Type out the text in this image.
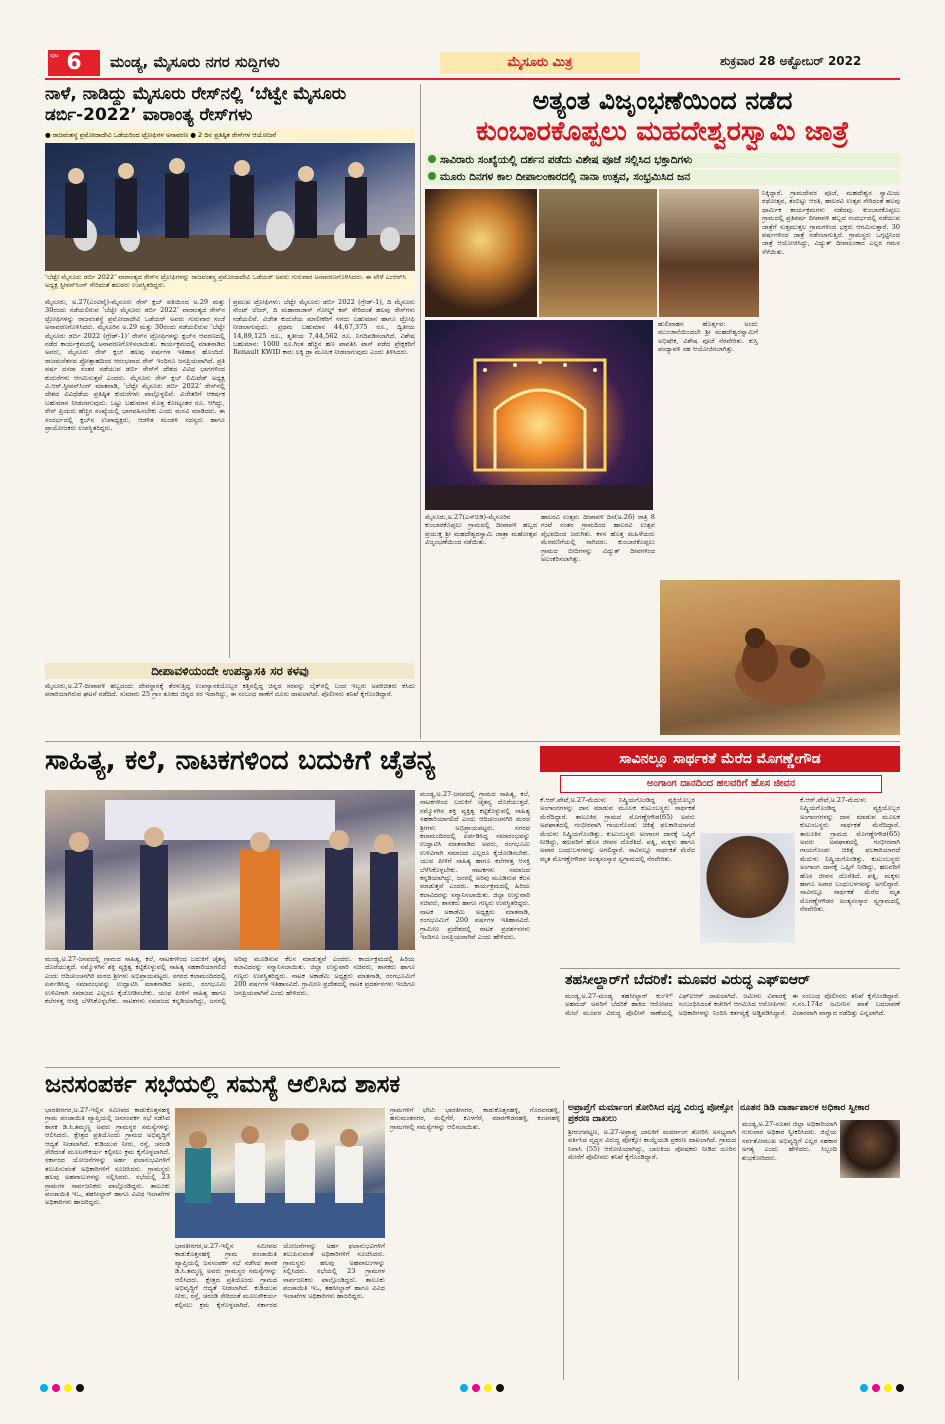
6
ಪುಟ	ಮಂಡ್ಯ, ಮೈಸೂರು ನಗರ ಸುದ್ದಿಗಳು	ಮೈಸೂರು ಮಿತ್ರ	ಶುಕ್ರವಾರ 28 ಅಕ್ಟೋಬರ್ 2022
ನಾಳೆ, ನಾಡಿದ್ದು ಮೈಸೂರು ರೇಸ್‌ನಲ್ಲಿ ‘ಬೆಟ್ವೇ ಮೈಸೂರು ಡರ್ಬಿ-2022’ ವಾರಾಂತ್ಯ ರೇಸ್‌ಗಳು
● ರಾಜವಂಶಸ್ಥ ಪ್ರಮೋದಾದೇವಿ ಒಡೆಯರಿಂದ ಟ್ರೋಫಿಗಳ ಅನಾವರಣ ● 2 ದಿನ ಪ್ರತಿಷ್ಠಿತ ರೇಸ್‌ಗಳ ಆಯೋಜನೆ
‘ಬೆಟ್ವೇ ಮೈಸೂರು ಡರ್ಬಿ 2022’ ವಾರಾಂತ್ಯದ ರೇಸ್‌ನ ಟ್ರೋಫಿಗಳನ್ನು ರಾಜವಂಶಸ್ಥ ಪ್ರಮೋದಾದೇವಿ ಒಡೆಯರ್ ಅವರು ಗುರುವಾರ ಅನಾವರಣಗೊಳಿಸಿದರು. ಈ ವೇಳೆ ಎಂಆರ್‌ಸಿ ಅಧ್ಯಕ್ಷ ಸ್ಟೀವನ್‌ಸಿಂಗ್ ಸೇರಿದಂತೆ ಹಲವರು ಉಪಸ್ಥಿತರಿದ್ದರು.
ಮೈಸೂರು, ಅ.27(ಎಂಟಿವೈ)-ಮೈಸೂರು ರೇಸ್ ಕ್ಲಬ್ ವತಿಯಿಂದ ಅ.29 ಮತ್ತು 30ರಂದು ನಡೆಯಲಿರುವ ‘ಬೆಟ್ವೇ ಮೈಸೂರು ಡರ್ಬಿ 2022’ ವಾರಾಂತ್ಯದ ರೇಸ್‌ನ ಟ್ರೋಫಿಗಳನ್ನು ರಾಜವಂಶಸ್ಥೆ ಪ್ರಮೋದಾದೇವಿ ಒಡೆಯರ್ ಅವರು ಗುರುವಾರ ಸಂಜೆ ಅನಾವರಣಗೊಳಿಸಿದರು. ಮೈಸೂರಿನ ಅ.29 ಮತ್ತು 30ರಂದು ನಡೆಯಲಿರುವ ‘ಬೆಟ್ವೇ ಮೈಸೂರು ಡರ್ಬಿ 2022 (ಗ್ರೇಡ್-1)’ ರೇಸ್‌ನ ಟ್ರೋಫಿಗಳನ್ನು ಕ್ಲಬ್‌ನ ಆವರಣದಲ್ಲಿ ನಡೆದ ಕಾರ್ಯಕ್ರಮದಲ್ಲಿ ಅನಾವರಣಗೊಳಿಸಲಾಯಿತು. ಕಾರ್ಯಕ್ರಮದಲ್ಲಿ ಮಾತನಾಡಿದ ಅವರು, ಮೈಸೂರು ರೇಸ್ ಕ್ಲಬ್ ಹಲವು ವರ್ಷಗಳ ಇತಿಹಾಸ ಹೊಂದಿದೆ. ರಾಜಮನೆತನದ ಪ್ರೋತ್ಸಾಹದಿಂದ ಆರಂಭವಾದ ರೇಸ್ ಇಂದಿಗೂ ಜನಪ್ರಿಯವಾಗಿದೆ. ಪ್ರತಿ ವರ್ಷ ದಸರಾ ನಂತರ ನಡೆಯುವ ಡರ್ಬಿ ರೇಸ್‌ಗೆ ದೇಶದ ವಿವಿಧ ಭಾಗಗಳಿಂದ ಕುದುರೆಗಳು ಆಗಮಿಸುತ್ತವೆ ಎಂದರು. ಮೈಸೂರು ರೇಸ್ ಕ್ಲಬ್ ಲಿಮಿಟೆಡ್ ಅಧ್ಯಕ್ಷ ವಿ.ಆರ್.ಸ್ಟೀವನ್‌ಸಿಂಗ್ ಮಾತನಾಡಿ, ‘ಬೆಟ್ವೇ ಮೈಸೂರು ಡರ್ಬಿ 2022’ ರೇಸ್‌ನಲ್ಲಿ ದೇಶದ ವಿವಿಧೆಡೆಯ ಪ್ರತಿಷ್ಠಿತ ಕುದುರೆಗಳು ಪಾಲ್ಗೊಳ್ಳಲಿವೆ. ವಿಜೇತರಿಗೆ ಆಕರ್ಷಕ ಬಹುಮಾನ ನೀಡಲಾಗುವುದು. ಒಟ್ಟು ಬಹುಮಾನ ಮೊತ್ತ ಕೋಟ್ಯಂತರ ರೂ. ಆಗಿದ್ದು, ರೇಸ್ ಪ್ರಿಯರು ಹೆಚ್ಚಿನ ಸಂಖ್ಯೆಯಲ್ಲಿ ಭಾಗವಹಿಸಬೇಕು ಎಂದು ಮನವಿ ಮಾಡಿದರು. ಈ ಸಂದರ್ಭದಲ್ಲಿ ಕ್ಲಬ್‌ನ ಉಪಾಧ್ಯಕ್ಷರು, ಆಡಳಿತ ಮಂಡಳಿ ಸದಸ್ಯರು ಹಾಗೂ ಪ್ರಾಯೋಜಕರು ಉಪಸ್ಥಿತರಿದ್ದರು.
ಪ್ರಮುಖ ಟ್ರೋಫಿಗಳು: ಬೆಟ್ವೇ ಮೈಸೂರು ಡರ್ಬಿ 2022 (ಗ್ರೇಡ್-1), ದಿ ಮೈಸೂರು ಸೇಂಟ್ ಲೆಜರ್, ದಿ ಮಹಾರಾಜಾಸ್ ಗೋಲ್ಡ್ ಕಪ್ ಸೇರಿದಂತೆ ಹಲವು ರೇಸ್‌ಗಳು ನಡೆಯಲಿವೆ. ವಿಜೇತ ಕುದುರೆಯ ಮಾಲೀಕರಿಗೆ ನಗದು ಬಹುಮಾನ ಹಾಗೂ ಟ್ರೋಫಿ ನೀಡಲಾಗುವುದು. ಪ್ರಥಮ ಬಹುಮಾನ 44,67,375 ರೂ., ದ್ವಿತೀಯ 14,89,125 ರೂ., ತೃತೀಯ 7,44,562 ರೂ. ನಿಗದಿಪಡಿಸಲಾಗಿದೆ. ವಿಶೇಷ ಬಹುಮಾನ: 1000 ರೂ.ಗಿಂತ ಹೆಚ್ಚಿನ ಹಣ ಪಾವತಿಸಿ ಪಾಸ್ ಪಡೆದ ಪ್ರೇಕ್ಷಕರಿಗೆ Renault KWID ಕಾರು ಲಕ್ಕಿ ಡ್ರಾ ಮೂಲಕ ನೀಡಲಾಗುವುದು ಎಂದು ತಿಳಿಸಿದರು.
ದೀಪಾವಳಿಯಂದೇ ಉಪನ್ಯಾಸಕಿ ಸರ ಕಳವು
ಮೈಸೂರು,ಅ.27-ದೀಪಾವಳಿ ಹಬ್ಬದಂದು ದೇವಸ್ಥಾನಕ್ಕೆ ತೆರಳುತ್ತಿದ್ದ ಉಪನ್ಯಾಸಕಿಯೊಬ್ಬರ ಕತ್ತಿನಲ್ಲಿದ್ದ ಚಿನ್ನದ ಸರವನ್ನು ಬೈಕ್‌ನಲ್ಲಿ ಬಂದ ಇಬ್ಬರು ಅಪರಿಚಿತರು ಕಸಿದು ಪರಾರಿಯಾಗಿರುವ ಘಟನೆ ನಡೆದಿದೆ. ಸುಮಾರು 25 ಗ್ರಾಂ ತೂಕದ ಚಿನ್ನದ ಸರ ಇದಾಗಿದ್ದು, ಈ ಸಂಬಂಧ ಠಾಣೆಗೆ ದೂರು ದಾಖಲಾಗಿದೆ. ಪೊಲೀಸರು ತನಿಖೆ ಕೈಗೊಂಡಿದ್ದಾರೆ.
ಅತ್ಯಂತ ವಿಜೃಂಭಣೆಯಿಂದ ನಡೆದ
ಕುಂಬಾರಕೊಪ್ಪಲು ಮಹದೇಶ್ವರಸ್ವಾಮಿ ಜಾತ್ರೆ
ಸಾವಿರಾರು ಸಂಖ್ಯೆಯಲ್ಲಿ ದರ್ಶನ ಪಡೆದು ವಿಶೇಷ ಪೂಜೆ ಸಲ್ಲಿಸಿದ ಭಕ್ತಾದಿಗಳು
ಮೂರು ದಿನಗಳ ಕಾಲ ದೀಪಾಲಂಕಾರದಲ್ಲಿ ನಾನಾ ಉತ್ಸವ, ಸಂಭ್ರಮಿಸಿದ ಜನ
ನಿಕ್ಕಿದ್ದಾರೆ. ಗ್ರಾಮದೇವರ ಪೂಜೆ, ಮಹದೇಶ್ವರ ಸ್ವಾಮಿಯ ರಥೋತ್ಸವ, ತಂಬಿಟ್ಟು ಆರತಿ, ಹಾಲರವಿ ಉತ್ಸವ ಸೇರಿದಂತೆ ಹಲವು ಧಾರ್ಮಿಕ ಕಾರ್ಯಕ್ರಮಗಳು ನಡೆದವು. ಕುಂಬಾರಕೊಪ್ಪಲು ಗ್ರಾಮದಲ್ಲಿ ಪ್ರತಿವರ್ಷ ದೀಪಾವಳಿ ಹಬ್ಬದ ಸಂದರ್ಭದಲ್ಲಿ ನಡೆಯುವ ಜಾತ್ರೆಗೆ ಸುತ್ತಮುತ್ತಲ ಗ್ರಾಮಗಳಿಂದ ಭಕ್ತರು ಆಗಮಿಸುತ್ತಾರೆ. 30 ವರ್ಷಗಳಿಂದ ಜಾತ್ರೆ ನಡೆಸಲಾಗುತ್ತಿದೆ. ಗ್ರಾಮಸ್ಥರು ಒಗ್ಗಟ್ಟಿನಿಂದ ಜಾತ್ರೆ ಆಯೋಜಿಸಿದ್ದು, ವಿದ್ಯುತ್ ದೀಪಾಲಂಕಾರ ಎಲ್ಲರ ಗಮನ ಸೆಳೆಯಿತು.
ಮೈಸೂರು,ಅ.27(ಎಸ್‌ಬಿಡಿ)-ಮೈಸೂರಿನ ಕುಂಬಾರಕೊಪ್ಪಲು ಗ್ರಾಮದಲ್ಲಿ ದೀಪಾವಳಿ ಹಬ್ಬದ ಪ್ರಯುಕ್ತ ಶ್ರೀ ಮಹದೇಶ್ವರಸ್ವಾಮಿ ಜಾತ್ರಾ ಮಹೋತ್ಸವ ವಿಜೃಂಭಣೆಯಿಂದ ನಡೆಯಿತು.
ಹಾಲರವಿ ಉತ್ಸವ: ದೀಪಾವಳಿ ದಿನ(ಅ.26) ರಾತ್ರಿ 8 ಗಂಟೆ ನಂತರ ಗ್ರಾಮದಿಂದ ಹಾಲರವಿ ಉತ್ಸವ ವೈಭವದಿಂದ ಜರುಗಿತು. ಕಳಸ ಹೊತ್ತ ಮಹಿಳೆಯರು ಮೆರವಣಿಗೆಯಲ್ಲಿ ಸಾಗಿದರು. ಕುಂಬಾರಕೊಪ್ಪಲು ಗ್ರಾಮದ ಬೀದಿಗಳನ್ನು ವಿದ್ಯುತ್ ದೀಪಗಳಿಂದ ಅಲಂಕರಿಸಲಾಗಿತ್ತು.
ಹುಲಿವಾಹನ ಹೊರ್ತ್ಸವ: ಅಂದು ಮುಂಜಾನೆಯಿಂದಲೇ ಶ್ರೀ ಮಹದೇಶ್ವರಸ್ವಾಮಿಗೆ ಅಭಿಷೇಕ, ವಿಶೇಷ ಪೂಜೆ ನೆರವೇರಿತು. ಕುಸ್ತಿ ಪಂದ್ಯಾವಳಿ ಸಹ ಆಯೋಜಿಸಲಾಗಿತ್ತು.
ಸಾಹಿತ್ಯ, ಕಲೆ, ನಾಟಕಗಳಿಂದ ಬದುಕಿಗೆ ಚೈತನ್ಯ
ಮಂಡ್ಯ,ಅ.27-ಜನಪದಲ್ಲಿ ಗ್ರಾಮದ ಸಾಹಿತ್ಯ, ಕಲೆ, ನಾಟಕಗಳಿಂದ ಬದುಕಿಗೆ ಚೈತನ್ಯ ದೊರೆಯುತ್ತದೆ. ನಮ್ಮೊಳಗಿನ ಶಕ್ತಿ ವ್ಯಕ್ತಿತ್ವ ಕಟ್ಟಿಕೊಳ್ಳುವಲ್ಲಿ ಸಾಹಿತ್ಯ ಸಹಕಾರಿಯಾಗಲಿದೆ ಎಂದು ಆದಿಚುಂಚನಗಿರಿ ಮಠದ ಶ್ರೀಗಳು ಅಭಿಪ್ರಾಯಪಟ್ಟರು. ನಗರದ ಕಲಾಮಂದಿರದಲ್ಲಿ ಏರ್ಪಡಿಸಿದ್ದ ಸಮಾರಂಭವನ್ನು ಉದ್ಘಾಟಿಸಿ ಮಾತನಾಡಿದ ಅವರು, ರಂಗಭೂಮಿ ಉಳಿವಿಗಾಗಿ ಸಮಾಜದ ಎಲ್ಲರೂ ಕೈಜೋಡಿಸಬೇಕು. ಯುವ ಪೀಳಿಗೆ ಸಾಹಿತ್ಯ ಹಾಗೂ ಕಲೆಗಳತ್ತ ಆಸಕ್ತಿ ಬೆಳೆಸಿಕೊಳ್ಳಬೇಕು. ನಾಟಕಗಳು ಸಮಾಜದ ಕನ್ನಡಿಯಾಗಿದ್ದು, ಜನರಲ್ಲಿ ಅರಿವು ಮೂಡಿಸುವ ಕೆಲಸ ಮಾಡುತ್ತವೆ ಎಂದರು. ಕಾರ್ಯಕ್ರಮದಲ್ಲಿ ಹಿರಿಯ ಕಲಾವಿದರನ್ನು ಸನ್ಮಾನಿಸಲಾಯಿತು. ಜಿಲ್ಲಾ ಉಸ್ತುವಾರಿ ಸಚಿವರು, ಶಾಸಕರು ಹಾಗೂ ಗಣ್ಯರು ಉಪಸ್ಥಿತರಿದ್ದರು. ನಾಟಕ ಅಕಾಡೆಮಿ ಅಧ್ಯಕ್ಷರು ಮಾತನಾಡಿ, ರಂಗಭೂಮಿಗೆ 200 ವರ್ಷಗಳ ಇತಿಹಾಸವಿದೆ. ಗ್ರಾಮೀಣ ಪ್ರದೇಶದಲ್ಲಿ ನಾಟಕ ಪ್ರದರ್ಶನಗಳು ಇಂದಿಗೂ ಜನಪ್ರಿಯವಾಗಿವೆ ಎಂದು ಹೇಳಿದರು.
ಮಂಡ್ಯ,ಅ.27-ಜನಪದಲ್ಲಿ ಗ್ರಾಮದ ಸಾಹಿತ್ಯ, ಕಲೆ, ನಾಟಕಗಳಿಂದ ಬದುಕಿಗೆ ಚೈತನ್ಯ ದೊರೆಯುತ್ತದೆ. ನಮ್ಮೊಳಗಿನ ಶಕ್ತಿ ವ್ಯಕ್ತಿತ್ವ ಕಟ್ಟಿಕೊಳ್ಳುವಲ್ಲಿ ಸಾಹಿತ್ಯ ಸಹಕಾರಿಯಾಗಲಿದೆ ಎಂದು ಆದಿಚುಂಚನಗಿರಿ ಮಠದ ಶ್ರೀಗಳು ಅಭಿಪ್ರಾಯಪಟ್ಟರು. ನಗರದ ಕಲಾಮಂದಿರದಲ್ಲಿ ಏರ್ಪಡಿಸಿದ್ದ ಸಮಾರಂಭವನ್ನು ಉದ್ಘಾಟಿಸಿ ಮಾತನಾಡಿದ ಅವರು, ರಂಗಭೂಮಿ ಉಳಿವಿಗಾಗಿ ಸಮಾಜದ ಎಲ್ಲರೂ ಕೈಜೋಡಿಸಬೇಕು. ಯುವ ಪೀಳಿಗೆ ಸಾಹಿತ್ಯ ಹಾಗೂ ಕಲೆಗಳತ್ತ ಆಸಕ್ತಿ ಬೆಳೆಸಿಕೊಳ್ಳಬೇಕು. ನಾಟಕಗಳು ಸಮಾಜದ ಕನ್ನಡಿಯಾಗಿದ್ದು, ಜನರಲ್ಲಿ ಅರಿವು ಮೂಡಿಸುವ ಕೆಲಸ ಮಾಡುತ್ತವೆ ಎಂದರು. ಕಾರ್ಯಕ್ರಮದಲ್ಲಿ ಹಿರಿಯ ಕಲಾವಿದರನ್ನು ಸನ್ಮಾನಿಸಲಾಯಿತು. ಜಿಲ್ಲಾ ಉಸ್ತುವಾರಿ ಸಚಿವರು, ಶಾಸಕರು ಹಾಗೂ ಗಣ್ಯರು ಉಪಸ್ಥಿತರಿದ್ದರು. ನಾಟಕ ಅಕಾಡೆಮಿ ಅಧ್ಯಕ್ಷರು ಮಾತನಾಡಿ, ರಂಗಭೂಮಿಗೆ 200 ವರ್ಷಗಳ ಇತಿಹಾಸವಿದೆ. ಗ್ರಾಮೀಣ ಪ್ರದೇಶದಲ್ಲಿ ನಾಟಕ ಪ್ರದರ್ಶನಗಳು ಇಂದಿಗೂ ಜನಪ್ರಿಯವಾಗಿವೆ ಎಂದು ಹೇಳಿದರು.
ಸಾವಿನಲ್ಲೂ ಸಾರ್ಥಕತೆ ಮೆರೆದ ಮೊಗಣ್ಣೇಗೌಡ
ಅಂಗಾಂಗ ದಾನದಿಂದ ಹಲವರಿಗೆ ಹೊಸ ಜೀವನ
ಕೆ.ಆರ್.ಪೇಟೆ,ಅ.27-ಮೆದುಳು ನಿಷ್ಕ್ರಿಯಗೊಂಡಿದ್ದ ವ್ಯಕ್ತಿಯೊಬ್ಬರ ಅಂಗಾಂಗಗಳನ್ನು ದಾನ ಮಾಡುವ ಮೂಲಕ ಕುಟುಂಬಸ್ಥರು ಸಾರ್ಥಕತೆ ಮೆರೆದಿದ್ದಾರೆ. ತಾಲೂಕಿನ ಗ್ರಾಮದ ಮೊಗಣ್ಣೇಗೌಡ(65) ಅವರು ಅಪಘಾತದಲ್ಲಿ ಗಂಭೀರವಾಗಿ ಗಾಯಗೊಂಡು ಚಿಕಿತ್ಸೆ ಫಲಕಾರಿಯಾಗದೆ ಮೆದುಳು ನಿಷ್ಕ್ರಿಯಗೊಂಡಿತ್ತು. ಕುಟುಂಬಸ್ಥರು ಅಂಗಾಂಗ ದಾನಕ್ಕೆ ಒಪ್ಪಿಗೆ ನೀಡಿದ್ದು, ಹಲವರಿಗೆ ಹೊಸ ಜೀವನ ದೊರೆತಿದೆ. ಪತ್ನಿ, ಮಕ್ಕಳು ಹಾಗೂ ಅಪಾರ ಬಂಧುಬಳಗವನ್ನು ಅಗಲಿದ್ದಾರೆ. ಸಾವಿನಲ್ಲೂ ಸಾರ್ಥಕತೆ ಮೆರೆದ ಮೃತ ಮೊಗಣ್ಣೇಗೌಡರ ಅಂತ್ಯಸಂಸ್ಕಾರ ಸ್ವಗ್ರಾಮದಲ್ಲಿ ನೆರವೇರಿತು.
ಕೆ.ಆರ್.ಪೇಟೆ,ಅ.27-ಮೆದುಳು ನಿಷ್ಕ್ರಿಯಗೊಂಡಿದ್ದ ವ್ಯಕ್ತಿಯೊಬ್ಬರ ಅಂಗಾಂಗಗಳನ್ನು ದಾನ ಮಾಡುವ ಮೂಲಕ ಕುಟುಂಬಸ್ಥರು ಸಾರ್ಥಕತೆ ಮೆರೆದಿದ್ದಾರೆ. ತಾಲೂಕಿನ ಗ್ರಾಮದ ಮೊಗಣ್ಣೇಗೌಡ(65) ಅವರು ಅಪಘಾತದಲ್ಲಿ ಗಂಭೀರವಾಗಿ ಗಾಯಗೊಂಡು ಚಿಕಿತ್ಸೆ ಫಲಕಾರಿಯಾಗದೆ ಮೆದುಳು ನಿಷ್ಕ್ರಿಯಗೊಂಡಿತ್ತು. ಕುಟುಂಬಸ್ಥರು ಅಂಗಾಂಗ ದಾನಕ್ಕೆ ಒಪ್ಪಿಗೆ ನೀಡಿದ್ದು, ಹಲವರಿಗೆ ಹೊಸ ಜೀವನ ದೊರೆತಿದೆ. ಪತ್ನಿ, ಮಕ್ಕಳು ಹಾಗೂ ಅಪಾರ ಬಂಧುಬಳಗವನ್ನು ಅಗಲಿದ್ದಾರೆ. ಸಾವಿನಲ್ಲೂ ಸಾರ್ಥಕತೆ ಮೆರೆದ ಮೃತ ಮೊಗಣ್ಣೇಗೌಡರ ಅಂತ್ಯಸಂಸ್ಕಾರ ಸ್ವಗ್ರಾಮದಲ್ಲಿ ನೆರವೇರಿತು.
ತಹಸೀಲ್ದಾರ್‌ಗೆ ಬೆದರಿಕೆ: ಮೂವರ ವಿರುದ್ಧ ಎಫ್‌ಐಆರ್
ಮಂಡ್ಯ,ಅ.27-ಮಂಡ್ಯ ತಹಸೀಲ್ದಾರ್ ಕುಂಞಿ ಅಹಮದ್ ಅವರಿಗೆ ಬೆದರಿಕೆ ಹಾಕಿದ ಆರೋಪದ ಮೇಲೆ ಮೂವರ ವಿರುದ್ಧ ಪೊಲೀಸ್ ಠಾಣೆಯಲ್ಲಿ ಎಫ್‌ಐಆರ್ ದಾಖಲಾಗಿದೆ. ಜಮೀನು ವಿವಾದಕ್ಕೆ ಸಂಬಂಧಿಸಿದಂತೆ ಕಚೇರಿಗೆ ಆಗಮಿಸಿದ ಆರೋಪಿಗಳು ಅಧಿಕಾರಿಗಳನ್ನು ನಿಂದಿಸಿ ಕರ್ತವ್ಯಕ್ಕೆ ಅಡ್ಡಿಪಡಿಸಿದ್ದಾರೆ. ಈ ಸಂಬಂಧ ಪೊಲೀಸರು ತನಿಖೆ ಕೈಗೊಂಡಿದ್ದಾರೆ. ಸ.ನಂ.174ರ ಜಮೀನಿನ ಖಾತೆ ಬದಲಾವಣೆ ವಿಚಾರವಾಗಿ ವಾಗ್ವಾದ ನಡೆದಿತ್ತು ಎನ್ನಲಾಗಿದೆ.
ಜನಸಂಪರ್ಕ ಸಭೆಯಲ್ಲಿ ಸಮಸ್ಯೆ ಆಲಿಸಿದ ಶಾಸಕ
ಭಾರತೀನಗರ,ಅ.27-ಇಲ್ಲಿನ ಸಮೀಪದ ಕಾಡುಕೊತ್ತನಹಳ್ಳಿ ಗ್ರಾಮ ಪಂಚಾಯಿತಿ ವ್ಯಾಪ್ತಿಯಲ್ಲಿ ಜನಸಂಪರ್ಕ ಸಭೆ ನಡೆಸಿದ ಶಾಸಕ ಡಿ.ಸಿ.ತಮ್ಮಣ್ಣ ಅವರು ಗ್ರಾಮಸ್ಥರ ಸಮಸ್ಯೆಗಳನ್ನು ಆಲಿಸಿದರು. ಕ್ಷೇತ್ರದ ಪ್ರತಿಯೊಂದು ಗ್ರಾಮದ ಅಭಿವೃದ್ಧಿಗೆ ಆದ್ಯತೆ ನೀಡಲಾಗಿದೆ. ಕುಡಿಯುವ ನೀರು, ರಸ್ತೆ, ಚರಂಡಿ ಸೇರಿದಂತೆ ಮೂಲಸೌಕರ್ಯ ಕಲ್ಪಿಸಲು ಕ್ರಮ ಕೈಗೊಳ್ಳಲಾಗಿದೆ. ಸರ್ಕಾರದ ಯೋಜನೆಗಳನ್ನು ಅರ್ಹ ಫಲಾನುಭವಿಗಳಿಗೆ ತಲುಪಿಸುವಂತೆ ಅಧಿಕಾರಿಗಳಿಗೆ ಸೂಚಿಸಿದರು. ಗ್ರಾಮಸ್ಥರು ಹಲವು ಅಹವಾಲುಗಳನ್ನು ಸಲ್ಲಿಸಿದರು. ಸಭೆಯಲ್ಲಿ 23 ಗ್ರಾಮಗಳ ಸಾರ್ವಜನಿಕರು ಪಾಲ್ಗೊಂಡಿದ್ದರು. ತಾಲೂಕು ಪಂಚಾಯಿತಿ ಇಒ, ತಹಸೀಲ್ದಾರ್ ಹಾಗೂ ವಿವಿಧ ಇಲಾಖೆಗಳ ಅಧಿಕಾರಿಗಳು ಹಾಜರಿದ್ದರು.
ಭಾರತೀನಗರ,ಅ.27-ಇಲ್ಲಿನ ಸಮೀಪದ ಕಾಡುಕೊತ್ತನಹಳ್ಳಿ ಗ್ರಾಮ ಪಂಚಾಯಿತಿ ವ್ಯಾಪ್ತಿಯಲ್ಲಿ ಜನಸಂಪರ್ಕ ಸಭೆ ನಡೆಸಿದ ಶಾಸಕ ಡಿ.ಸಿ.ತಮ್ಮಣ್ಣ ಅವರು ಗ್ರಾಮಸ್ಥರ ಸಮಸ್ಯೆಗಳನ್ನು ಆಲಿಸಿದರು. ಕ್ಷೇತ್ರದ ಪ್ರತಿಯೊಂದು ಗ್ರಾಮದ ಅಭಿವೃದ್ಧಿಗೆ ಆದ್ಯತೆ ನೀಡಲಾಗಿದೆ. ಕುಡಿಯುವ ನೀರು, ರಸ್ತೆ, ಚರಂಡಿ ಸೇರಿದಂತೆ ಮೂಲಸೌಕರ್ಯ ಕಲ್ಪಿಸಲು ಕ್ರಮ ಕೈಗೊಳ್ಳಲಾಗಿದೆ. ಸರ್ಕಾರದ ಯೋಜನೆಗಳನ್ನು ಅರ್ಹ ಫಲಾನುಭವಿಗಳಿಗೆ ತಲುಪಿಸುವಂತೆ ಅಧಿಕಾರಿಗಳಿಗೆ ಸೂಚಿಸಿದರು. ಗ್ರಾಮಸ್ಥರು ಹಲವು ಅಹವಾಲುಗಳನ್ನು ಸಲ್ಲಿಸಿದರು. ಸಭೆಯಲ್ಲಿ 23 ಗ್ರಾಮಗಳ ಸಾರ್ವಜನಿಕರು ಪಾಲ್ಗೊಂಡಿದ್ದರು. ತಾಲೂಕು ಪಂಚಾಯಿತಿ ಇಒ, ತಹಸೀಲ್ದಾರ್ ಹಾಗೂ ವಿವಿಧ ಇಲಾಖೆಗಳ ಅಧಿಕಾರಿಗಳು ಹಾಜರಿದ್ದರು.
ಗ್ರಾಮಗಳಿಗೆ ಭೇಟಿ: ಭಾರತೀನಗರ, ಕಾಡುಕೊತ್ತನಹಳ್ಳಿ, ಗೊರವನಹಳ್ಳಿ, ಹನುಮಂತನಗರ, ಮಲ್ಲಿಗೆರೆ, ಕೂಳಗೆರೆ, ಮಾರಗೌಡನಹಳ್ಳಿ, ಕಂಚನಹಳ್ಳಿ ಗ್ರಾಮಗಳಲ್ಲಿ ಸಮಸ್ಯೆಗಳನ್ನು ಆಲಿಸಲಾಯಿತು.
ಅಪ್ರಾಪ್ತೆಗೆ ಮರ್ಮಾಂಗ ತೋರಿಸಿದ ವೃದ್ಧ ವಿರುದ್ಧ ಪೋಕ್ಸೋ ಪ್ರಕರಣ ದಾಖಲು
ಶ್ರೀರಂಗಪಟ್ಟಣ, ಅ.27-ಅಪ್ರಾಪ್ತ ಬಾಲಕಿಗೆ ಮರ್ಮಾಂಗ ತೋರಿಸಿ ಅಸಭ್ಯವಾಗಿ ವರ್ತಿಸಿದ ವೃದ್ಧನ ವಿರುದ್ಧ ಪೋಕ್ಸೋ ಕಾಯ್ದೆಯಡಿ ಪ್ರಕರಣ ದಾಖಲಾಗಿದೆ. ಗ್ರಾಮದ ನಿವಾಸಿ (55) ಆರೋಪಿಯಾಗಿದ್ದು, ಬಾಲಕಿಯ ಪೋಷಕರು ನೀಡಿದ ದೂರಿನ ಮೇರೆಗೆ ಪೊಲೀಸರು ತನಿಖೆ ಕೈಗೊಂಡಿದ್ದಾರೆ.
ನೂತನ ಡಿಡಿ ವಾರ್ತಾಪಾಲಕ ಅಧಿಕಾರ ಸ್ವೀಕಾರ
ಮಂಡ್ಯ,ಅ.27-ನೂತನ ಜಿಲ್ಲಾ ಅಧಿಕಾರಿಯಾಗಿ ಗುರುವಾರ ಅಧಿಕಾರ ಸ್ವೀಕರಿಸಿದರು. ಜಿಲ್ಲೆಯ ಸರ್ವತೋಮುಖ ಅಭಿವೃದ್ಧಿಗೆ ಎಲ್ಲರ ಸಹಕಾರ ಅಗತ್ಯ ಎಂದು ಹೇಳಿದರು. ಸಿಬ್ಬಂದಿ ಶುಭಕೋರಿದರು.
